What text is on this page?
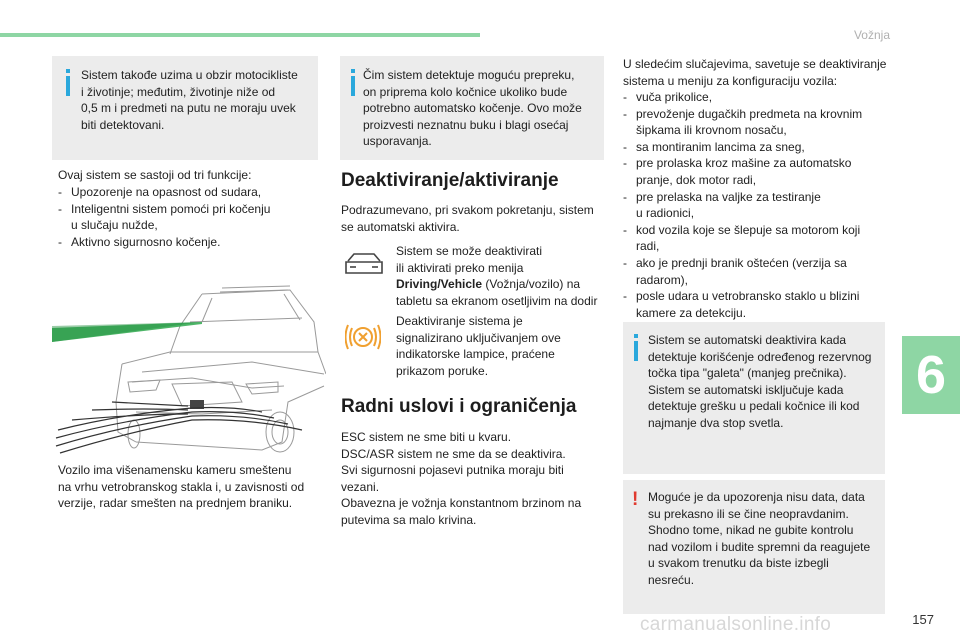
Vožnja

Sistem takođe uzima u obzir motocikliste
i životinje; međutim, životinje niže od
0,5 m i predmeti na putu ne moraju uvek
biti detektovani.

Ovaj sistem se sastoji od tri funkcije:

- Upozorenje na opasnost od sudara,
- Inteligentni sistem pomoći pri kočenju
u slučaju nužde,
- Aktivno sigurnosno kočenje.

Vozilo ima višenamensku kameru smeštenu
na vrhu vetrobranskog stakla i, u zavisnosti od
verzije, radar smešten na prednjem braniku.

Čim sistem detektuje moguću prepreku,
on priprema kolo kočnice ukoliko bude
potrebno automatsko kočenje. Ovo može
proizvesti neznatnu buku i blagi osećaj
usporavanja.

Deaktiviranje/aktiviranje

Podrazumevano, pri svakom pokretanju, sistem
se automatski aktivira.

Sistem se može deaktivirati
ili aktivirati preko menija
Driving/Vehicle (Vožnja/vozilo) na
tabletu sa ekranom osetljivim na dodir

Deaktiviranje sistema je
signalizirano uključivanjem ove
indikatorske lampice, praćene
prikazom poruke.

Radni uslovi i ograničenja

ESC sistem ne sme biti u kvaru.
DSC/ASR sistem ne sme da se deaktivira.
Svi sigurnosni pojasevi putnika moraju biti
vezani.
Obavezna je vožnja konstantnom brzinom na
putevima sa malo krivina.

U sledećim slučajevima, savetuje se deaktiviranje
sistema u meniju za konfiguraciju vozila:

- vuča prikolice,
- prevoženje dugačkih predmeta na krovnim
šipkama ili krovnom nosaču,
- sa montiranim lancima za sneg,
- pre prolaska kroz mašine za automatsko
pranje, dok motor radi,
- pre prelaska na valjke za testiranje
u radionici,
- kod vozila koje se šlepuje sa motorom koji
radi,
- ako je prednji branik oštećen (verzija sa
radarom),
- posle udara u vetrobransko staklo u blizini
kamere za detekciju.

Sistem se automatski deaktivira kada
detektuje korišćenje određenog rezervnog
točka tipa "galeta" (manjeg prečnika).
Sistem se automatski isključuje kada
detektuje grešku u pedali kočnice ili kod
najmanje dva stop svetla.

! Moguće je da upozorenja nisu data, data
su prekasno ili se čine neopravdanim.
Shodno tome, nikad ne gubite kontrolu
nad vozilom i budite spremni da reagujete
u svakom trenutku da biste izbegli
nesreću.

6
carmanualsonline.info	157
